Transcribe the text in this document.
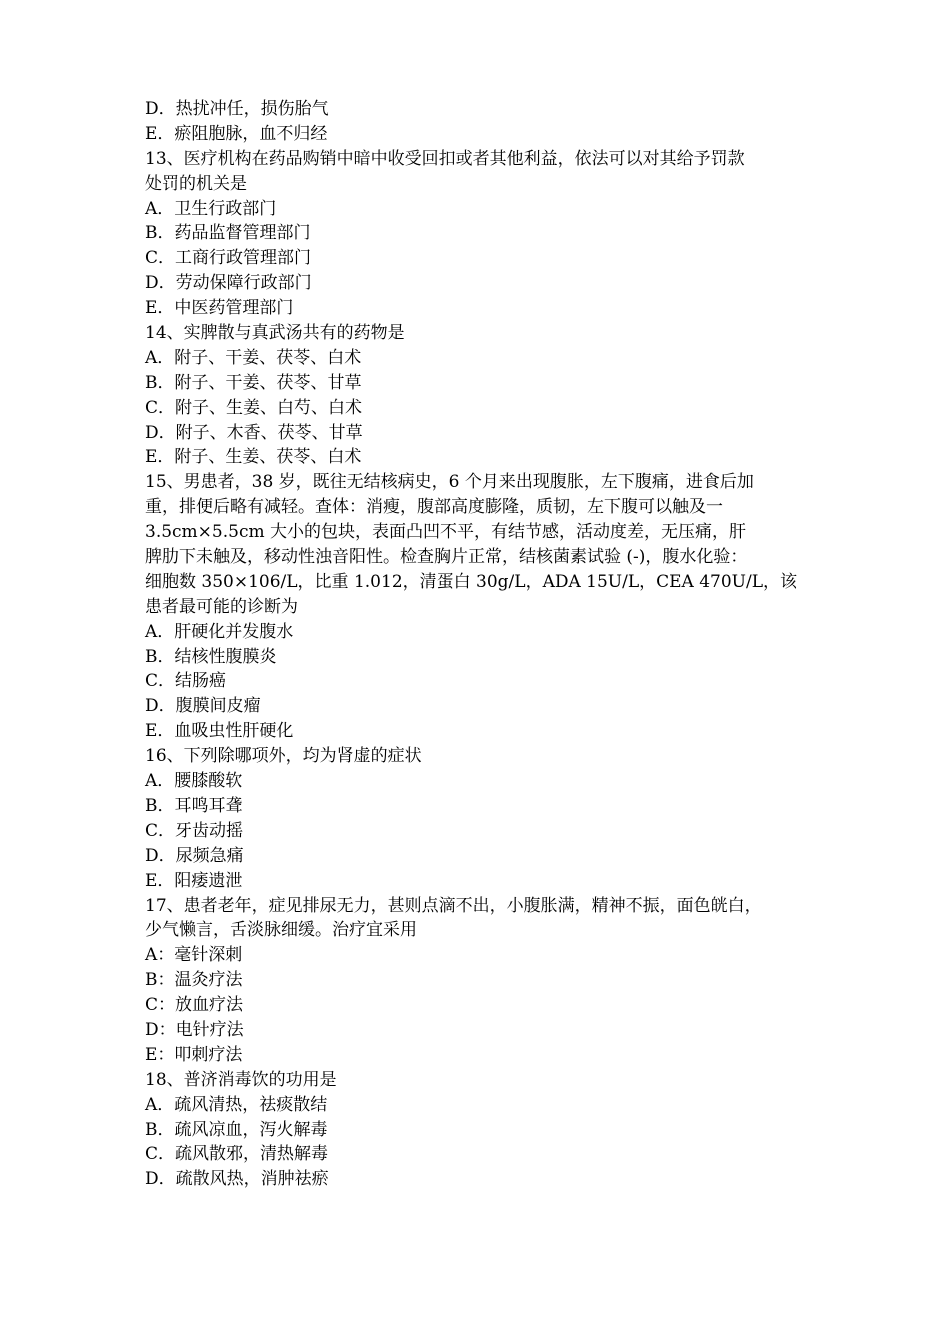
D．热扰冲任，损伤胎气
E．瘀阻胞脉，血不归经
13、医疗机构在药品购销中暗中收受回扣或者其他利益，依法可以对其给予罚款
处罚的机关是
A．卫生行政部门
B．药品监督管理部门
C．工商行政管理部门
D．劳动保障行政部门
E．中医药管理部门
14、实脾散与真武汤共有的药物是
A．附子、干姜、茯苓、白术
B．附子、干姜、茯苓、甘草
C．附子、生姜、白芍、白术
D．附子、木香、茯苓、甘草
E．附子、生姜、茯苓、白术
15、男患者，38 岁，既往无结核病史，6 个月来出现腹胀，左下腹痛，进食后加
重，排便后略有减轻。查体：消瘦，腹部高度膨隆，质韧，左下腹可以触及一
3.5cm×5.5cm 大小的包块，表面凸凹不平，有结节感，活动度差，无压痛，肝
脾肋下未触及，移动性浊音阳性。检查胸片正常，结核菌素试验 (-)，腹水化验：
细胞数 350×106/L，比重 1.012，清蛋白 30g/L，ADA 15U/L，CEA 470U/L，该
患者最可能的诊断为
A．肝硬化并发腹水
B．结核性腹膜炎
C．结肠癌
D．腹膜间皮瘤
E．血吸虫性肝硬化
16、下列除哪项外，均为肾虚的症状
A．腰膝酸软
B．耳鸣耳聋
C．牙齿动摇
D．尿频急痛
E．阳痿遗泄
17、患者老年，症见排尿无力，甚则点滴不出，小腹胀满，精神不振，面色㿠白，
少气懒言，舌淡脉细缓。治疗宜采用
A：毫针深刺
B：温灸疗法
C：放血疗法
D：电针疗法
E：叩刺疗法
18、普济消毒饮的功用是
A．疏风清热，祛痰散结
B．疏风凉血，泻火解毒
C．疏风散邪，清热解毒
D．疏散风热，消肿祛瘀
